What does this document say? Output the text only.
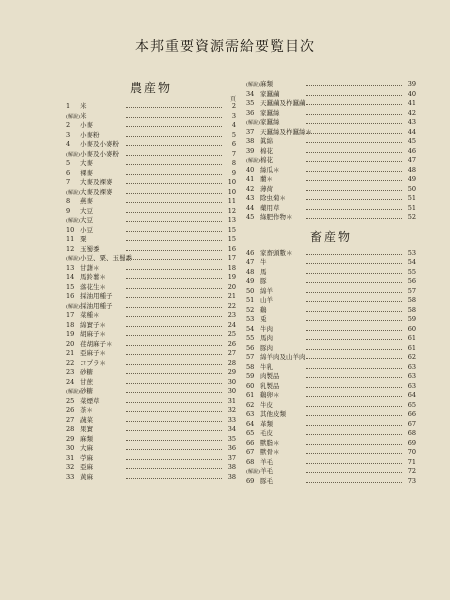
本邦重要資源需給要覧目次
農産物
頁
1 米	2
(解說)米	3
2 小麥	4
3 小麥粉	5
4 小麥及小麥粉	6
(解說)小麥及小麥粉	7
5 大麥	8
6 裸麥	9
7 大麥及裸麥	10
(解說)大麥及裸麥	10
8 燕麥	11
9 大豆	12
(解說)大豆	13
10 小豆	15
11 粟	15
12 玉蜀黍	16
(解說)小豆、粟、玉蜀黍	17
13 甘藷＊	18
14 馬鈴薯＊	19
15 落花生＊	20
16 採油用種子	21
(解說)採油用種子	22
17 菜種＊	23
18 綿實子＊	24
19 胡麻子＊	25
20 荏胡麻子＊	26
21 亞麻子＊	27
22 コプラ＊	28
23 砂糖	29
24 甘蔗	30
(解說)砂糖	30
25 菜煙草	31
26 茶＊	32
27 蔬菜	33
28 果實	34
29 麻類	35
30 大麻	36
31 苧麻	37
32 亞麻	38
33 黃麻	38
(解說)麻類	39
34 家蠶繭	40
35 天蠶繭及柞蠶繭	41
36 家蠶絲	42
(解說)家蠶絲	43
37 天蠶絲及柞蠶絲＊	44
38 眞綿	45
39 棉花	46
(解說)棉花	47
40 絲瓜＊	48
41 藺＊	49
42 薄荷	50
43 除虫菊＊	51
44 藥用草	51
45 綠肥作物＊	52
畜産物
46 家畜頭數＊	53
47 牛	54
48 馬	55
49 豚	56
50 綿羊	57
51 山羊	58
52 鷄	58
53 兎	59
54 牛肉	60
55 馬肉	61
56 豚肉	61
57 綿羊肉及山羊肉	62
58 牛乳	63
59 肉製品	63
60 乳製品	63
61 鷄卵＊	64
62 牛皮	65
63 其他皮類	66
64 革類	67
65 毛皮	68
66 獸脂＊	69
67 獸骨＊	70
68 羊毛	71
(解說)羊毛	72
69 豚毛	73
